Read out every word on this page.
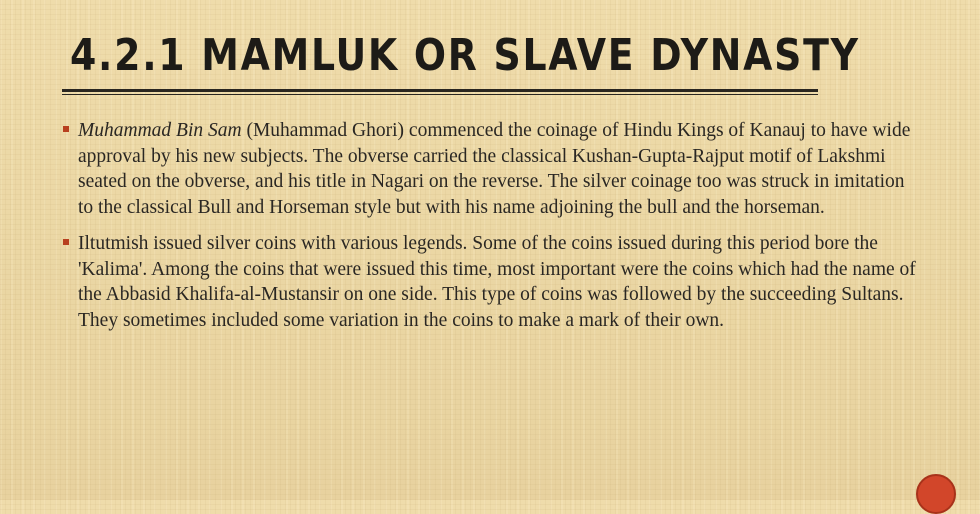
4.2.1 MAMLUK OR SLAVE DYNASTY

Muhammad Bin Sam (Muhammad Ghori) commenced the coinage of Hindu Kings of Kanauj to have wide approval by his new subjects. The obverse carried the classical Kushan-Gupta-Rajput motif of Lakshmi seated on the obverse, and his title in Nagari on the reverse. The silver coinage too was struck in imitation to the classical Bull and Horseman style but with his name adjoining the bull and the horseman.

Iltutmish issued silver coins with various legends. Some of the coins issued during this period bore the 'Kalima'. Among the coins that were issued this time, most important were the coins which had the name of the Abbasid Khalifa-al-Mustansir on one side. This type of coins was followed by the succeeding Sultans. They sometimes included some variation in the coins to make a mark of their own.
